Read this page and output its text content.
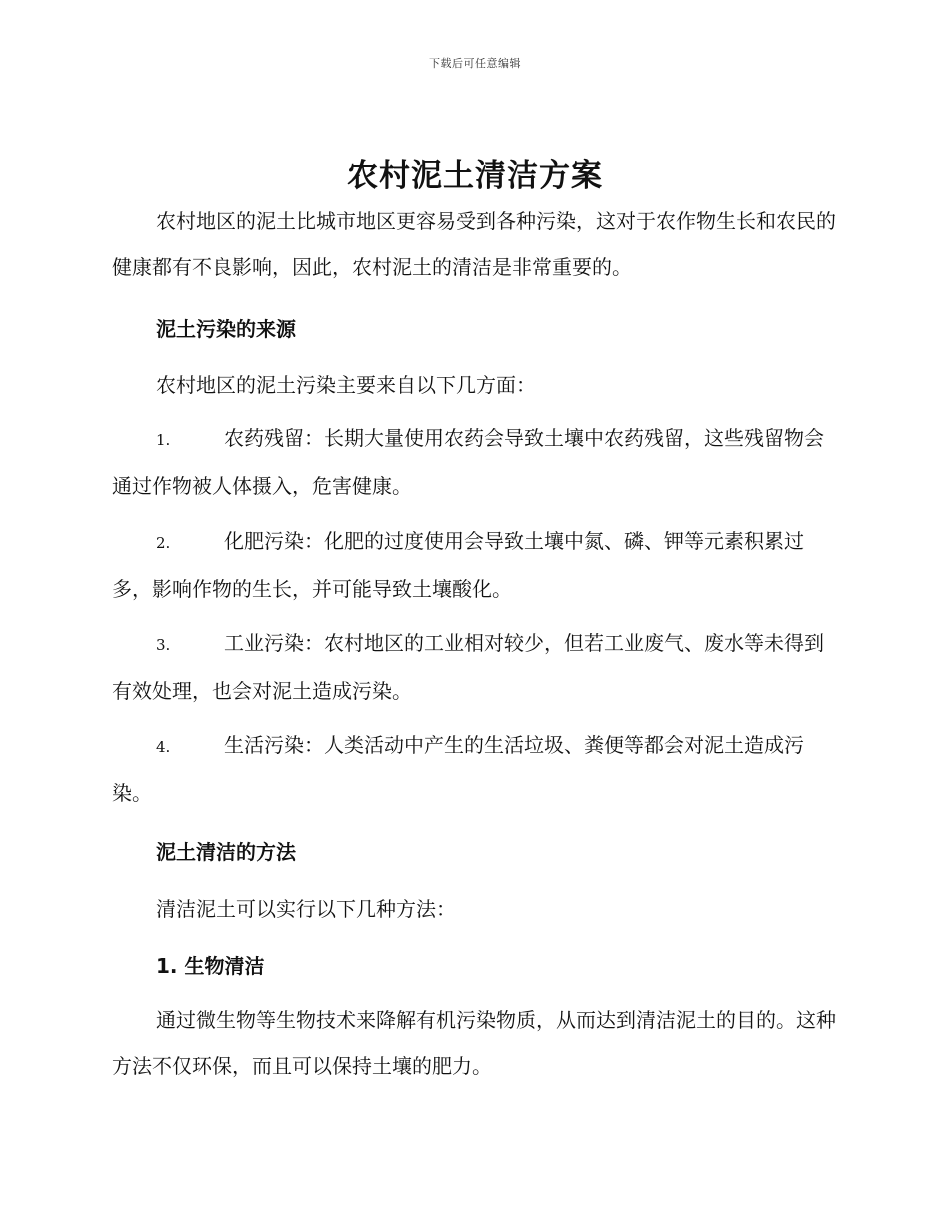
下载后可任意编辑
农村泥土清洁方案

农村地区的泥土比城市地区更容易受到各种污染，这对于农作物生长和农民的健康都有不良影响，因此，农村泥土的清洁是非常重要的。

泥土污染的来源

农村地区的泥土污染主要来自以下几方面：

1.	农药残留：长期大量使用农药会导致土壤中农药残留，这些残留物会通过作物被人体摄入，危害健康。

2.	化肥污染：化肥的过度使用会导致土壤中氮、磷、钾等元素积累过多，影响作物的生长，并可能导致土壤酸化。

3.	工业污染：农村地区的工业相对较少，但若工业废气、废水等未得到有效处理，也会对泥土造成污染。

4.	生活污染：人类活动中产生的生活垃圾、粪便等都会对泥土造成污染。

泥土清洁的方法

清洁泥土可以实行以下几种方法：

1. 生物清洁

通过微生物等生物技术来降解有机污染物质，从而达到清洁泥土的目的。这种方法不仅环保，而且可以保持土壤的肥力。
